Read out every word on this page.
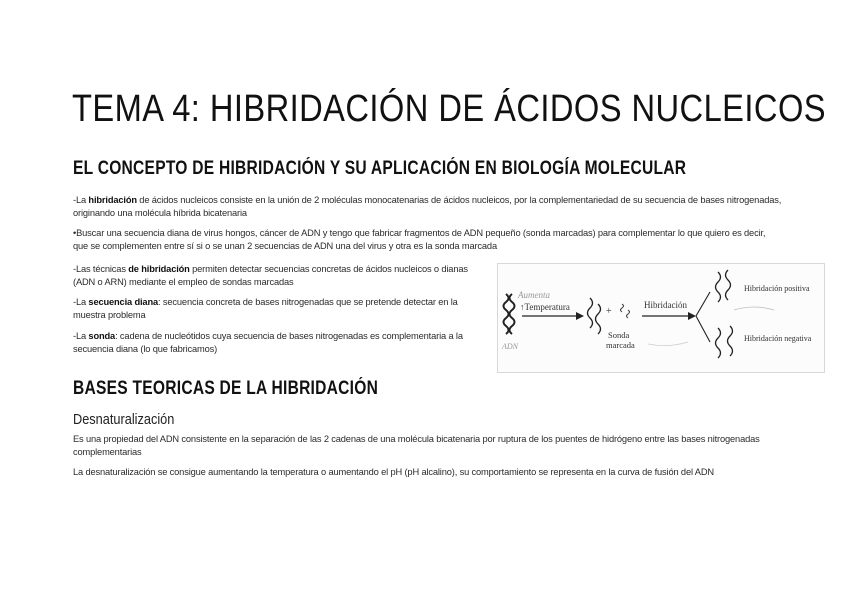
TEMA 4: HIBRIDACIÓN DE ÁCIDOS NUCLEICOS
EL CONCEPTO DE HIBRIDACIÓN Y SU APLICACIÓN EN BIOLOGÍA MOLECULAR
-La hibridación de ácidos nucleicos consiste en la unión de 2 moléculas monocatenarias de ácidos nucleicos, por la complementariedad de su secuencia de bases nitrogenadas, originando una molécula híbrida bicatenaria
•Buscar una secuencia diana de virus hongos, cáncer de ADN y tengo que fabricar fragmentos de ADN pequeño (sonda marcadas) para complementar lo que quiero es decir, que se complementen entre sí si o se unan 2 secuencias de ADN una del virus y otra es la sonda marcada
-Las técnicas de hibridación permiten detectar secuencias concretas de ácidos nucleicos o dianas (ADN o ARN) mediante el empleo de sondas marcadas
-La secuencia diana: secuencia concreta de bases nitrogenadas que se pretende detectar en la muestra problema
-La sonda: cadena de nucleótidos cuya secuencia de bases nitrogenadas es complementaria a la secuencia diana (lo que fabricamos)
Aumenta
↑Temperatura
ADN
+
Hibridación
Sonda
marcada
Hibridación positiva
Hibridación negativa
BASES TEORICAS DE LA HIBRIDACIÓN
Desnaturalización
Es una propiedad del ADN consistente en la separación de las 2 cadenas de una molécula bicatenaria por ruptura de los puentes de hidrógeno entre las bases nitrogenadas complementarias
La desnaturalización se consigue aumentando la temperatura o aumentando el pH (pH alcalino), su comportamiento se representa en la curva de fusión del ADN
